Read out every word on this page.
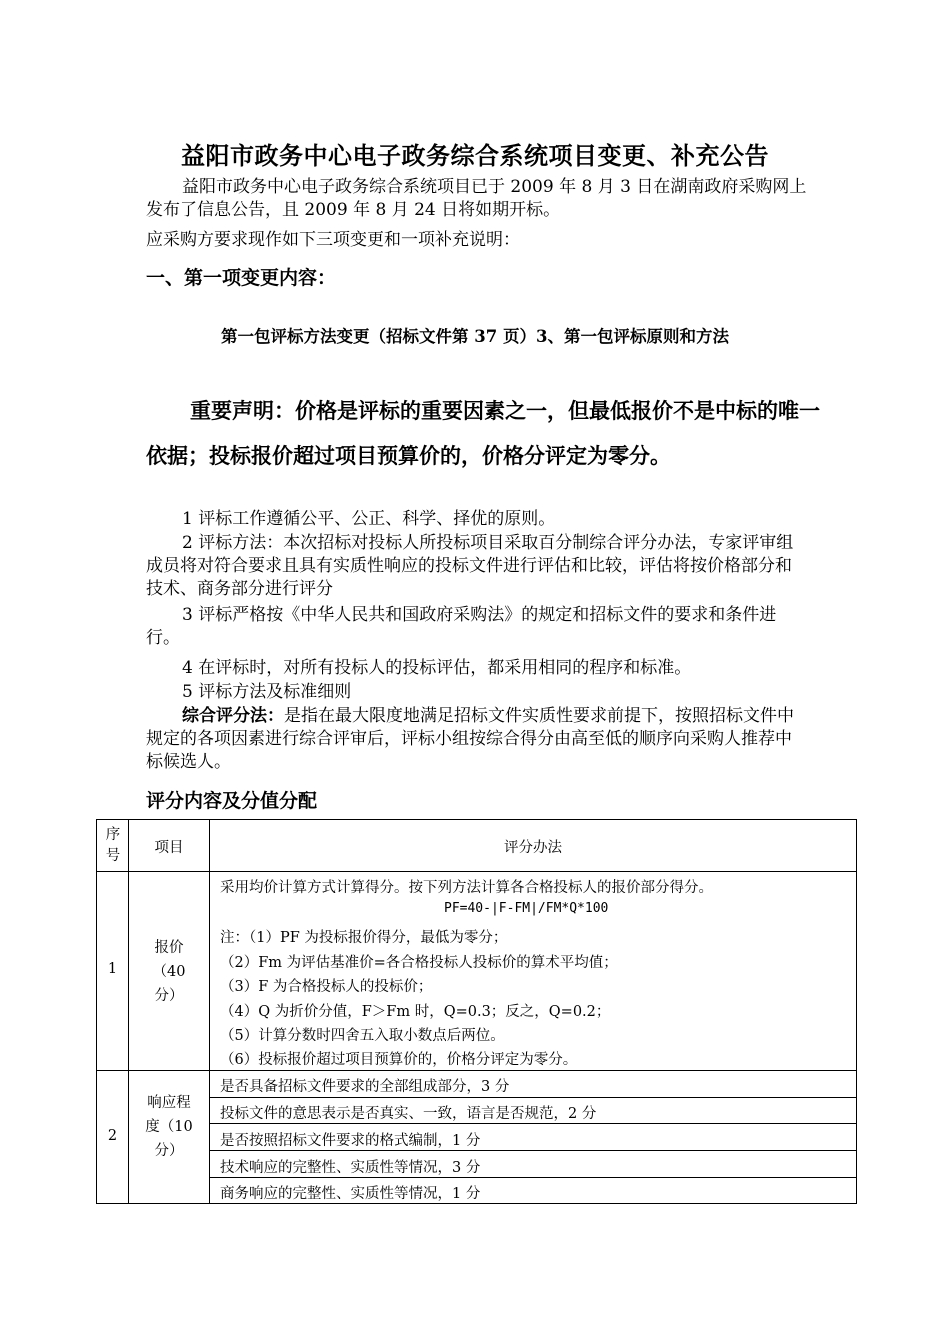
益阳市政务中心电子政务综合系统项目变更、补充公告
益阳市政务中心电子政务综合系统项目已于 2009 年 8 月 3 日在湖南政府采购网上发布了信息公告，且 2009 年 8 月 24 日将如期开标。
应采购方要求现作如下三项变更和一项补充说明：
一、第一项变更内容：
第一包评标方法变更（招标文件第 37 页）3、第一包评标原则和方法
重要声明：价格是评标的重要因素之一，但最低报价不是中标的唯一依据；投标报价超过项目预算价的，价格分评定为零分。
1 评标工作遵循公平、公正、科学、择优的原则。
2 评标方法：本次招标对投标人所投标项目采取百分制综合评分办法，专家评审组成员将对符合要求且具有实质性响应的投标文件进行评估和比较，评估将按价格部分和技术、商务部分进行评分
3 评标严格按《中华人民共和国政府采购法》的规定和招标文件的要求和条件进行。
4 在评标时，对所有投标人的投标评估，都采用相同的程序和标准。
5 评标方法及标准细则
综合评分法：是指在最大限度地满足招标文件实质性要求前提下，按照招标文件中规定的各项因素进行综合评审后，评标小组按综合得分由高至低的顺序向采购人推荐中标候选人。
评分内容及分值分配
序号	项目	评分办法
1
报价（40 分）
2
响应程度（10 分）
采用均价计算方式计算得分。按下列方法计算各合格投标人的报价部分得分。
PF=40-|F-FM|/FM*Q*100
注：（1）PF 为投标报价得分，最低为零分；
（2）Fm 为评估基准价=各合格投标人投标价的算术平均值；
（3）F 为合格投标人的投标价；
（4）Q 为折价分值，F＞Fm 时，Q=0.3；反之，Q=0.2；
（5）计算分数时四舍五入取小数点后两位。
（6）投标报价超过项目预算价的，价格分评定为零分。
是否具备招标文件要求的全部组成部分，3 分
投标文件的意思表示是否真实、一致，语言是否规范，2 分
是否按照招标文件要求的格式编制，1 分
技术响应的完整性、实质性等情况，3 分
商务响应的完整性、实质性等情况，1 分
